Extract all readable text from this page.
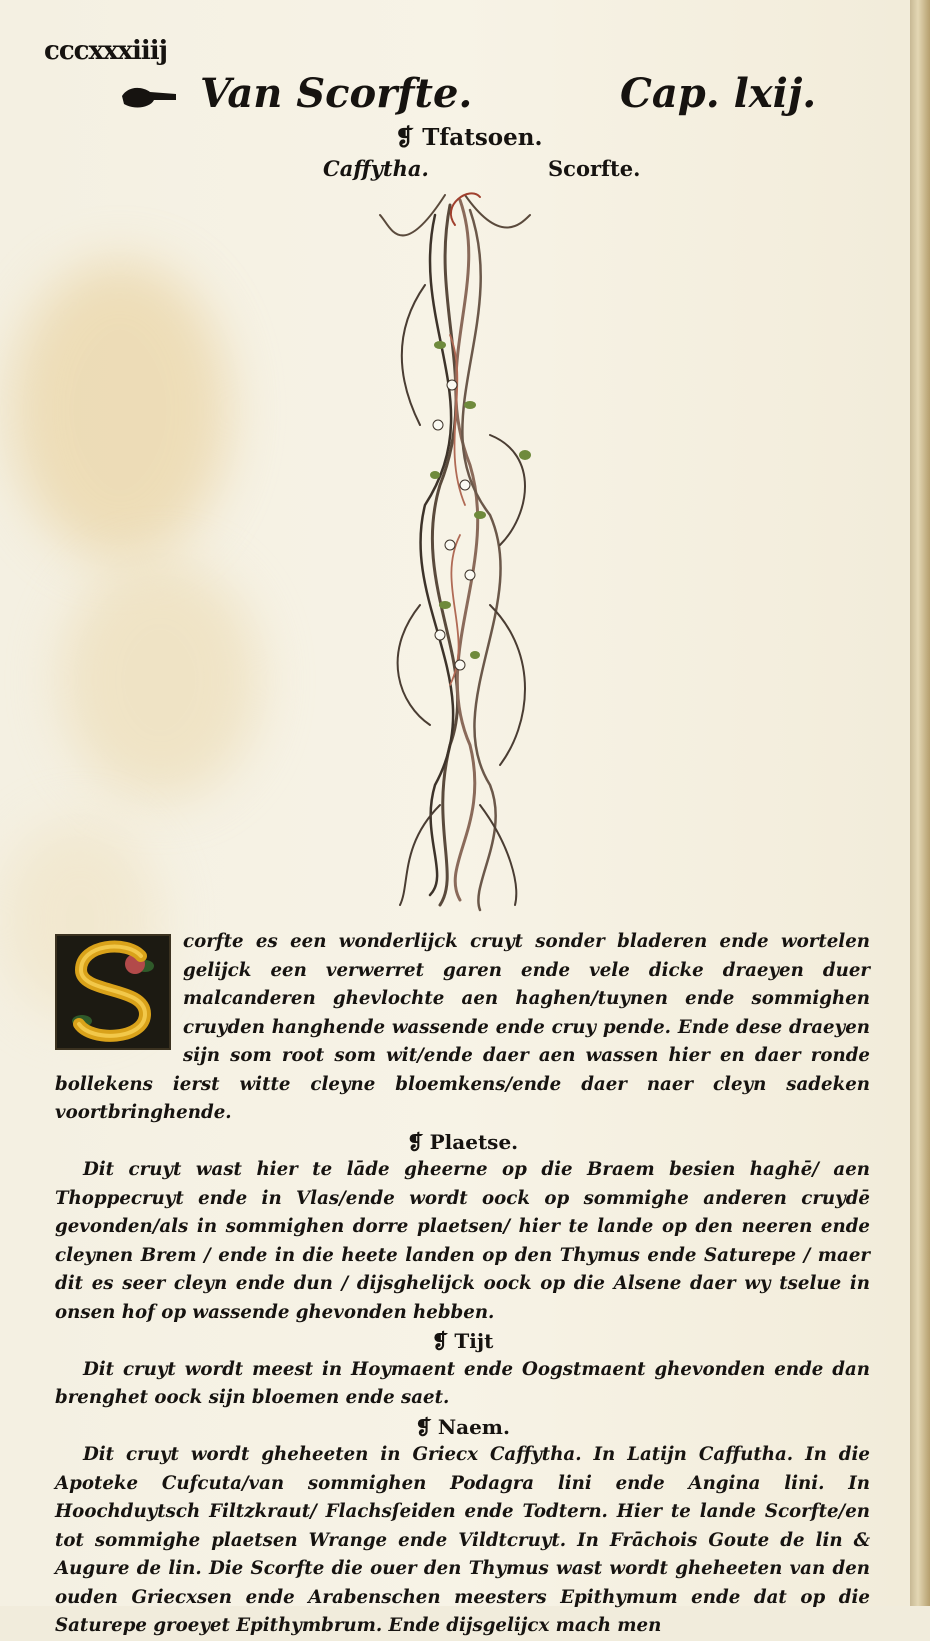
cccxxxiiij
Van Scorfte.	Cap. lxij.
❡ Tfatsoen.
Caffytha.	Scorfte.

corfte es een wonderlijck cruyt sonder bladeren ende wortelen gelijck een verwerret garen ende vele dicke draeyen duer malcanderen ghevlochte aen haghen/tuynen ende sommighen cruyden hanghende wassende ende cruy pende. Ende dese draeyen sijn som root som wit/ende daer aen wassen hier en daer ronde bollekens ierst witte cleyne bloemkens/ende daer naer cleyn sadeken voortbringhende.

❡ Plaetse.

Dit cruyt wast hier te lāde gheerne op die Braem besien haghē/ aen Thoppecruyt ende in Vlas/ende wordt oock op sommighe anderen cruydē gevonden/als in sommighen dorre plaetsen/ hier te lande op den neeren ende cleynen Brem / ende in die heete landen op den Thymus ende Saturepe / maer dit es seer cleyn ende dun / dijsghelijck oock op die Alsene daer wy tselue in onsen hof op wassende ghevonden hebben.

❡ Tijt

Dit cruyt wordt meest in Hoymaent ende Oogstmaent ghevonden ende dan brenghet oock sijn bloemen ende saet.

❡ Naem.

Dit cruyt wordt gheheeten in Griecx Caffytha. In Latijn Caffutha. In die Apoteke Cufcuta/van sommighen Podagra lini ende Angina lini. In Hoochduytsch Filtzkraut/ Flachsſeiden ende Todtern. Hier te lande Scorfte/en tot sommighe plaetsen Wrange ende Vildtcruyt. In Frāchois Goute de lin & Augure de lin. Die Scorfte die ouer den Thymus wast wordt gheheeten van den ouden Griecxsen ende Arabenschen meesters Epithymum ende dat op die Saturepe groeyet Epithymbrum. Ende dijsgelijcx mach men
